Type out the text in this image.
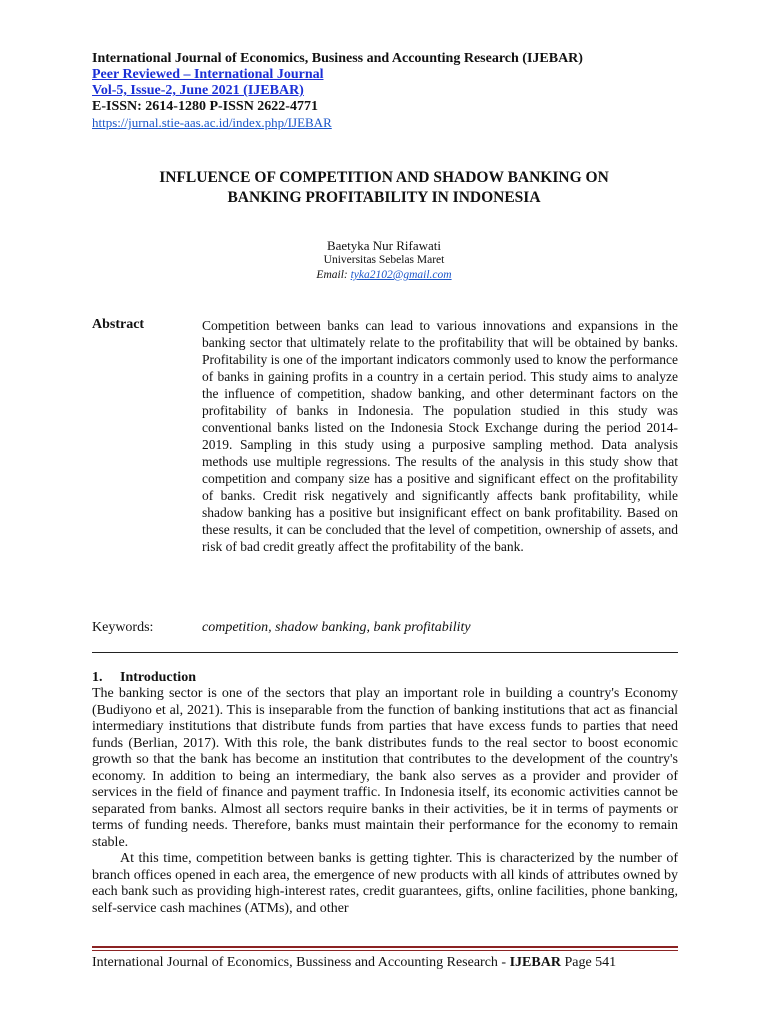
International Journal of Economics, Business and Accounting Research (IJEBAR)
Peer Reviewed – International Journal
Vol-5, Issue-2, June 2021 (IJEBAR)
E-ISSN: 2614-1280 P-ISSN 2622-4771
https://jurnal.stie-aas.ac.id/index.php/IJEBAR
INFLUENCE OF COMPETITION AND SHADOW BANKING ON
BANKING PROFITABILITY IN INDONESIA
Baetyka Nur Rifawati
Universitas Sebelas Maret
Email: tyka2102@gmail.com
Abstract	Competition between banks can lead to various innovations and expansions in the banking sector that ultimately relate to the profitability that will be obtained by banks. Profitability is one of the important indicators commonly used to know the performance of banks in gaining profits in a country in a certain period. This study aims to analyze the influence of competition, shadow banking, and other determinant factors on the profitability of banks in Indonesia. The population studied in this study was conventional banks listed on the Indonesia Stock Exchange during the period 2014-2019. Sampling in this study using a purposive sampling method. Data analysis methods use multiple regressions. The results of the analysis in this study show that competition and company size has a positive and significant effect on the profitability of banks. Credit risk negatively and significantly affects bank profitability, while shadow banking has a positive but insignificant effect on bank profitability. Based on these results, it can be concluded that the level of competition, ownership of assets, and risk of bad credit greatly affect the profitability of the bank.
Keywords:	competition, shadow banking, bank profitability
1. Introduction

The banking sector is one of the sectors that play an important role in building a country's Economy (Budiyono et al, 2021). This is inseparable from the function of banking institutions that act as financial intermediary institutions that distribute funds from parties that have excess funds to parties that need funds (Berlian, 2017). With this role, the bank distributes funds to the real sector to boost economic growth so that the bank has become an institution that contributes to the development of the country's economy. In addition to being an intermediary, the bank also serves as a provider and provider of services in the field of finance and payment traffic. In Indonesia itself, its economic activities cannot be separated from banks. Almost all sectors require banks in their activities, be it in terms of payments or terms of funding needs. Therefore, banks must maintain their performance for the economy to remain stable.

At this time, competition between banks is getting tighter. This is characterized by the number of branch offices opened in each area, the emergence of new products with all kinds of attributes owned by each bank such as providing high-interest rates, credit guarantees, gifts, online facilities, phone banking, self-service cash machines (ATMs), and other

International Journal of Economics, Bussiness and Accounting Research - IJEBAR Page 541
